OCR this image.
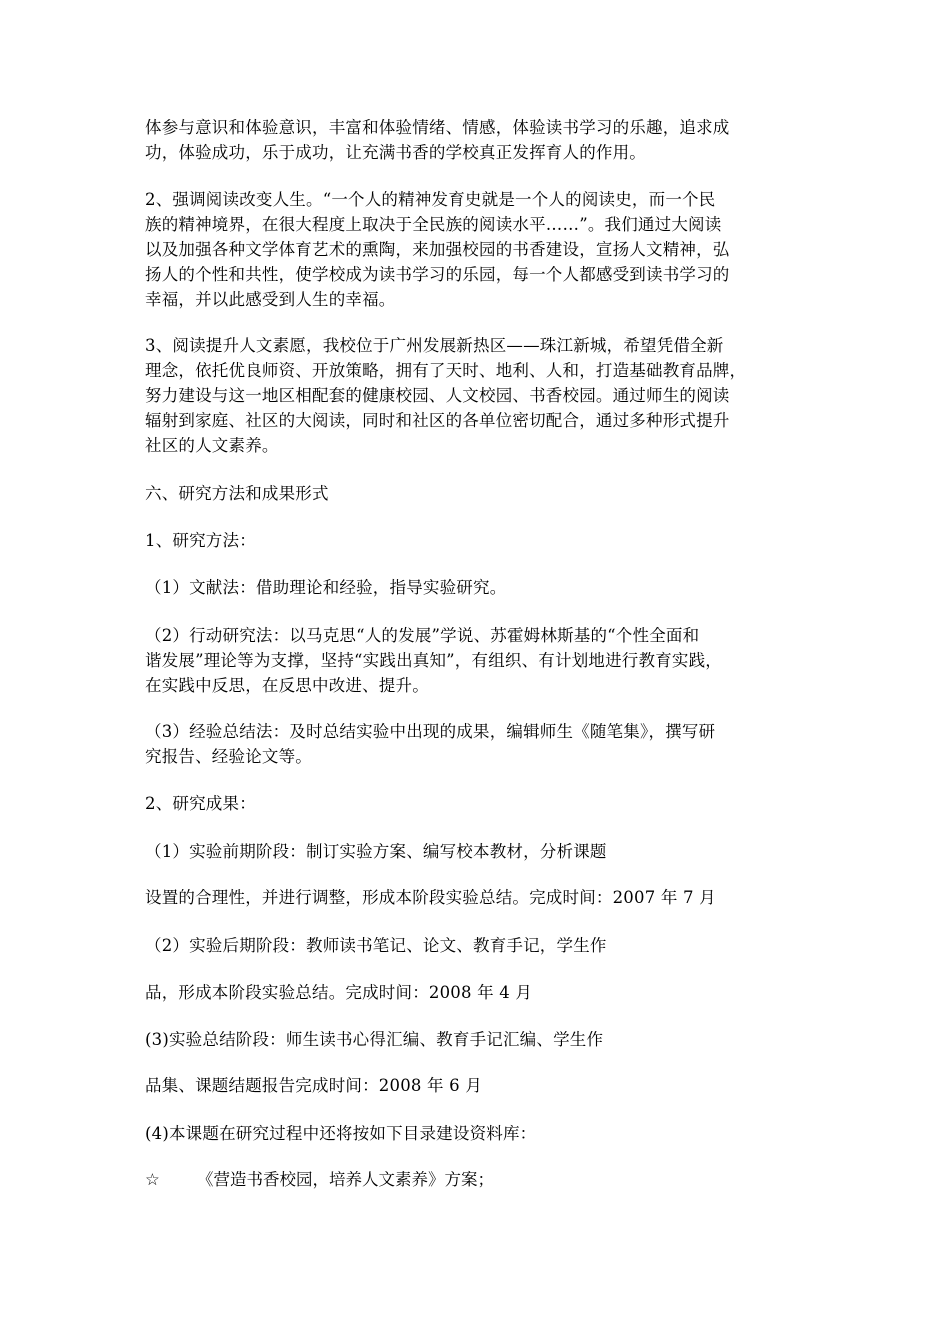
体参与意识和体验意识，丰富和体验情绪、情感，体验读书学习的乐趣，追求成
功，体验成功，乐于成功，让充满书香的学校真正发挥育人的作用。

2、强调阅读改变人生。“一个人的精神发育史就是一个人的阅读史，而一个民
族的精神境界，在很大程度上取决于全民族的阅读水平……”。我们通过大阅读
以及加强各种文学体育艺术的熏陶，来加强校园的书香建设，宣扬人文精神，弘
扬人的个性和共性，使学校成为读书学习的乐园，每一个人都感受到读书学习的
幸福，并以此感受到人生的幸福。

3、阅读提升人文素愿，我校位于广州发展新热区——珠江新城，希望凭借全新
理念，依托优良师资、开放策略，拥有了天时、地利、人和，打造基础教育品牌，
努力建设与这一地区相配套的健康校园、人文校园、书香校园。通过师生的阅读
辐射到家庭、社区的大阅读，同时和社区的各单位密切配合，通过多种形式提升
社区的人文素养。

六、研究方法和成果形式

1、研究方法：

（1）文献法：借助理论和经验，指导实验研究。

（2）行动研究法：以马克思“人的发展”学说、苏霍姆林斯基的“个性全面和
谐发展”理论等为支撑，坚持“实践出真知”，有组织、有计划地进行教育实践，
在实践中反思，在反思中改进、提升。

（3）经验总结法：及时总结实验中出现的成果，编辑师生《随笔集》，撰写研
究报告、经验论文等。

2、研究成果：

（1）实验前期阶段：制订实验方案、编写校本教材，分析课题

设置的合理性，并进行调整，形成本阶段实验总结。完成时间：2007 年 7 月

（2）实验后期阶段：教师读书笔记、论文、教育手记，学生作

品，形成本阶段实验总结。完成时间：2008 年 4 月

(3)实验总结阶段：师生读书心得汇编、教育手记汇编、学生作

品集、课题结题报告完成时间：2008 年 6 月

(4)本课题在研究过程中还将按如下目录建设资料库：

☆ 《营造书香校园，培养人文素养》方案；
